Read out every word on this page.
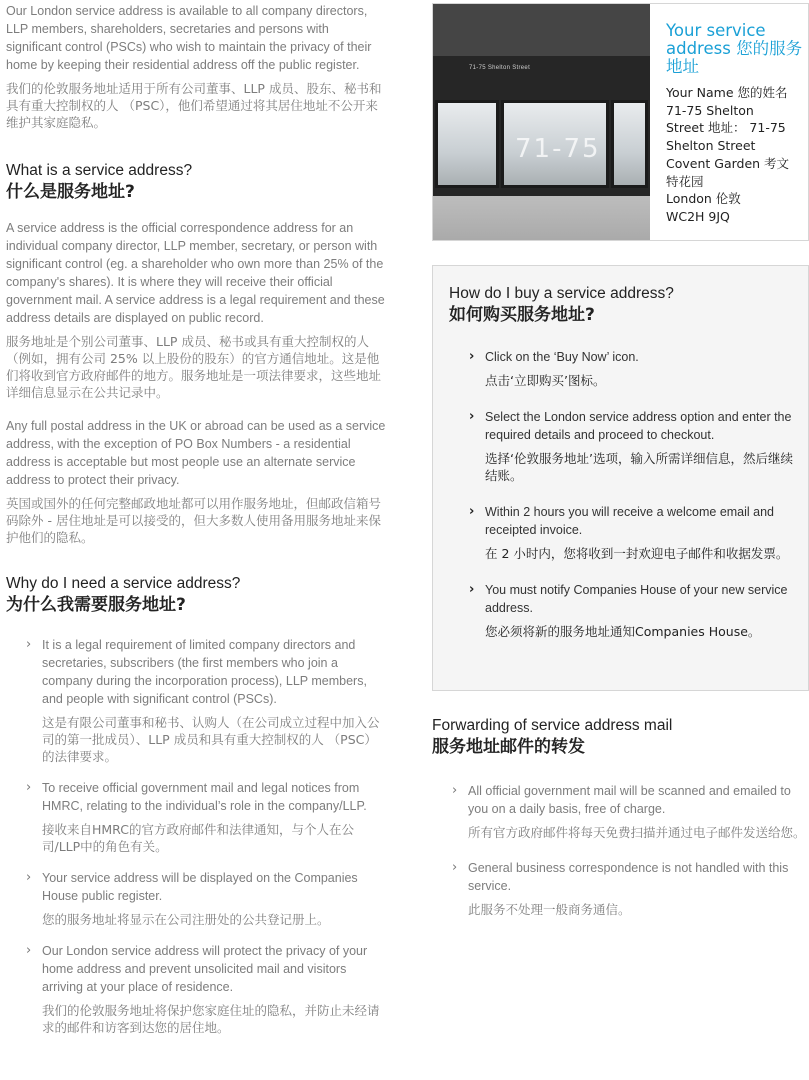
Our London service address is available to all company directors, LLP members, shareholders, secretaries and persons with significant control (PSCs) who wish to maintain the privacy of their home by keeping their residential address off the public register.

我们的伦敦服务地址适用于所有公司董事、LLP 成员、股东、秘书和具有重大控制权的人 （PSC），他们希望通过将其居住地址不公开来维护其家庭隐私。

What is a service address?
什么是服务地址?

A service address is the official correspondence address for an individual company director, LLP member, secretary, or person with significant control (eg. a shareholder who own more than 25% of the company's shares). It is where they will receive their official government mail. A service address is a legal requirement and these address details are displayed on public record.

服务地址是个别公司董事、LLP 成员、秘书或具有重大控制权的人（例如，拥有公司 25% 以上股份的股东）的官方通信地址。这是他们将收到官方政府邮件的地方。服务地址是一项法律要求，这些地址详细信息显示在公共记录中。

Any full postal address in the UK or abroad can be used as a service address, with the exception of PO Box Numbers - a residential address is acceptable but most people use an alternate service address to protect their privacy.

英国或国外的任何完整邮政地址都可以用作服务地址，但邮政信箱号码除外 - 居住地址是可以接受的，但大多数人使用备用服务地址来保护他们的隐私。

Why do I need a service address?
为什么我需要服务地址?
› It is a legal requirement of limited company directors and secretaries, subscribers (the first members who join a company during the incorporation process), LLP members, and people with significant control (PSCs).

这是有限公司董事和秘书、认购人（在公司成立过程中加入公司的第一批成员）、LLP 成员和具有重大控制权的人 （PSC） 的法律要求。

› To receive official government mail and legal notices from HMRC, relating to the individual’s role in the company/LLP.

接收来自HMRC的官方政府邮件和法律通知，与个人在公司/LLP中的角色有关。

› Your service address will be displayed on the Companies House public register.

您的服务地址将显示在公司注册处的公共登记册上。

› Our London service address will protect the privacy of your home address and prevent unsolicited mail and visitors arriving at your place of residence.

我们的伦敦服务地址将保护您家庭住址的隐私，并防止未经请求的邮件和访客到达您的居住地。

71-75 Shelton Street
71-75
Your service address 您的服务地址
Your Name 您的姓名
71-75 Shelton
Street 地址： 71-75
Shelton Street
Covent Garden 考文
特花园
London 伦敦
WC2H 9JQ
How do I buy a service address?
如何购买服务地址?
› Click on the ‘Buy Now’ icon.

点击‘立即购买’图标。

› Select the London service address option and enter the required details and proceed to checkout.

选择‘伦敦服务地址’选项，输入所需详细信息，然后继续结账。

› Within 2 hours you will receive a welcome email and receipted invoice.

在 2 小时内，您将收到一封欢迎电子邮件和收据发票。

› You must notify Companies House of your new service address.

您必须将新的服务地址通知Companies House。

Forwarding of service address mail
服务地址邮件的转发
› All official government mail will be scanned and emailed to you on a daily basis, free of charge.

所有官方政府邮件将每天免费扫描并通过电子邮件发送给您。

› General business correspondence is not handled with this service.

此服务不处理一般商务通信。
